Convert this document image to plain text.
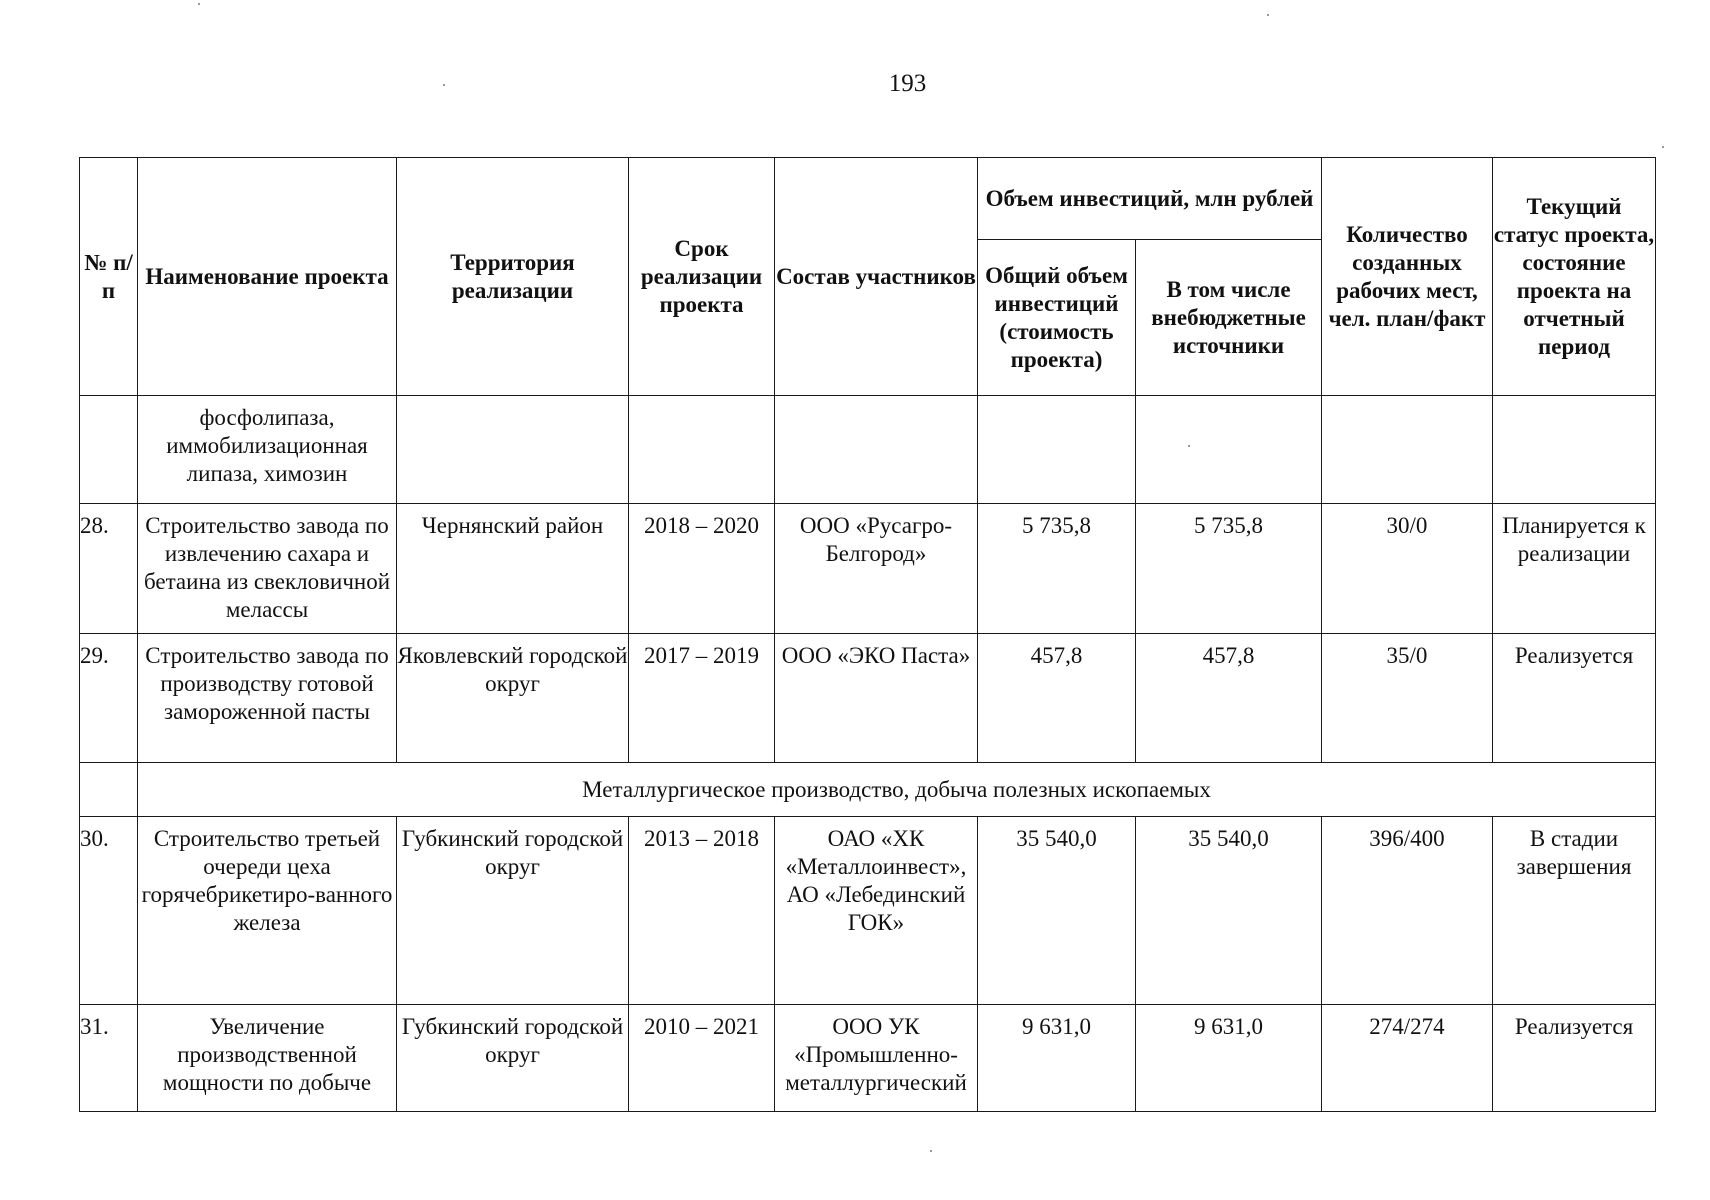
193
№ п/п	Наименование проекта	Территория реализации	Срок реализации проекта	Состав участников	Объем инвестиций, млн рублей		Количество созданных рабочих мест, чел. план/факт	Текущий статус проекта, состояние проекта на отчетный период
					Общий объем инвестиций (стоимость проекта)	В том числе внебюджетные источники		
	фосфолипаза, иммобилизационная липаза, химозин							
28.	Строительство завода по извлечению сахара и бетаина из свекловичной мелассы	Чернянский район	2018 – 2020	ООО «Русагро-Белгород»	5 735,8	5 735,8	30/0	Планируется к реализации
29.	Строительство завода по производству готовой замороженной пасты	Яковлевский городской округ	2017 – 2019	ООО «ЭКО Паста»	457,8	457,8	35/0	Реализуется
	Металлургическое производство, добыча полезных ископаемых							
30.	Строительство третьей очереди цеха горячебрикетиро-ванного железа	Губкинский городской округ	2013 – 2018	ОАО «ХК «Металлоинвест», АО «Лебединский ГОК»	35 540,0	35 540,0	396/400	В стадии завершения
31.	Увеличение производственной мощности по добыче	Губкинский городской округ	2010 – 2021	ООО УК «Промышленно-металлургический	9 631,0	9 631,0	274/274	Реализуется
